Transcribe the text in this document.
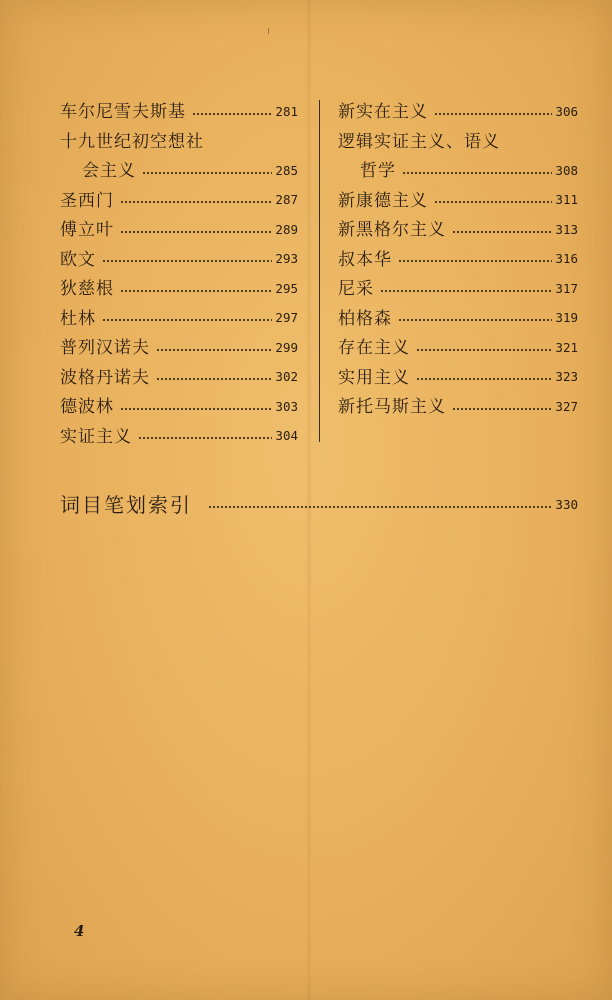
车尔尼雪夫斯基	281
十九世纪初空想社
会主义	285
圣西门	287
傅立叶	289
欧文	293
狄慈根	295
杜林	297
普列汉诺夫	299
波格丹诺夫	302
德波林	303
实证主义	304
新实在主义	306
逻辑实证主义、语义
哲学	308
新康德主义	311
新黑格尔主义	313
叔本华	316
尼采	317
柏格森	319
存在主义	321
实用主义	323
新托马斯主义	327
词目笔划索引	330
4
